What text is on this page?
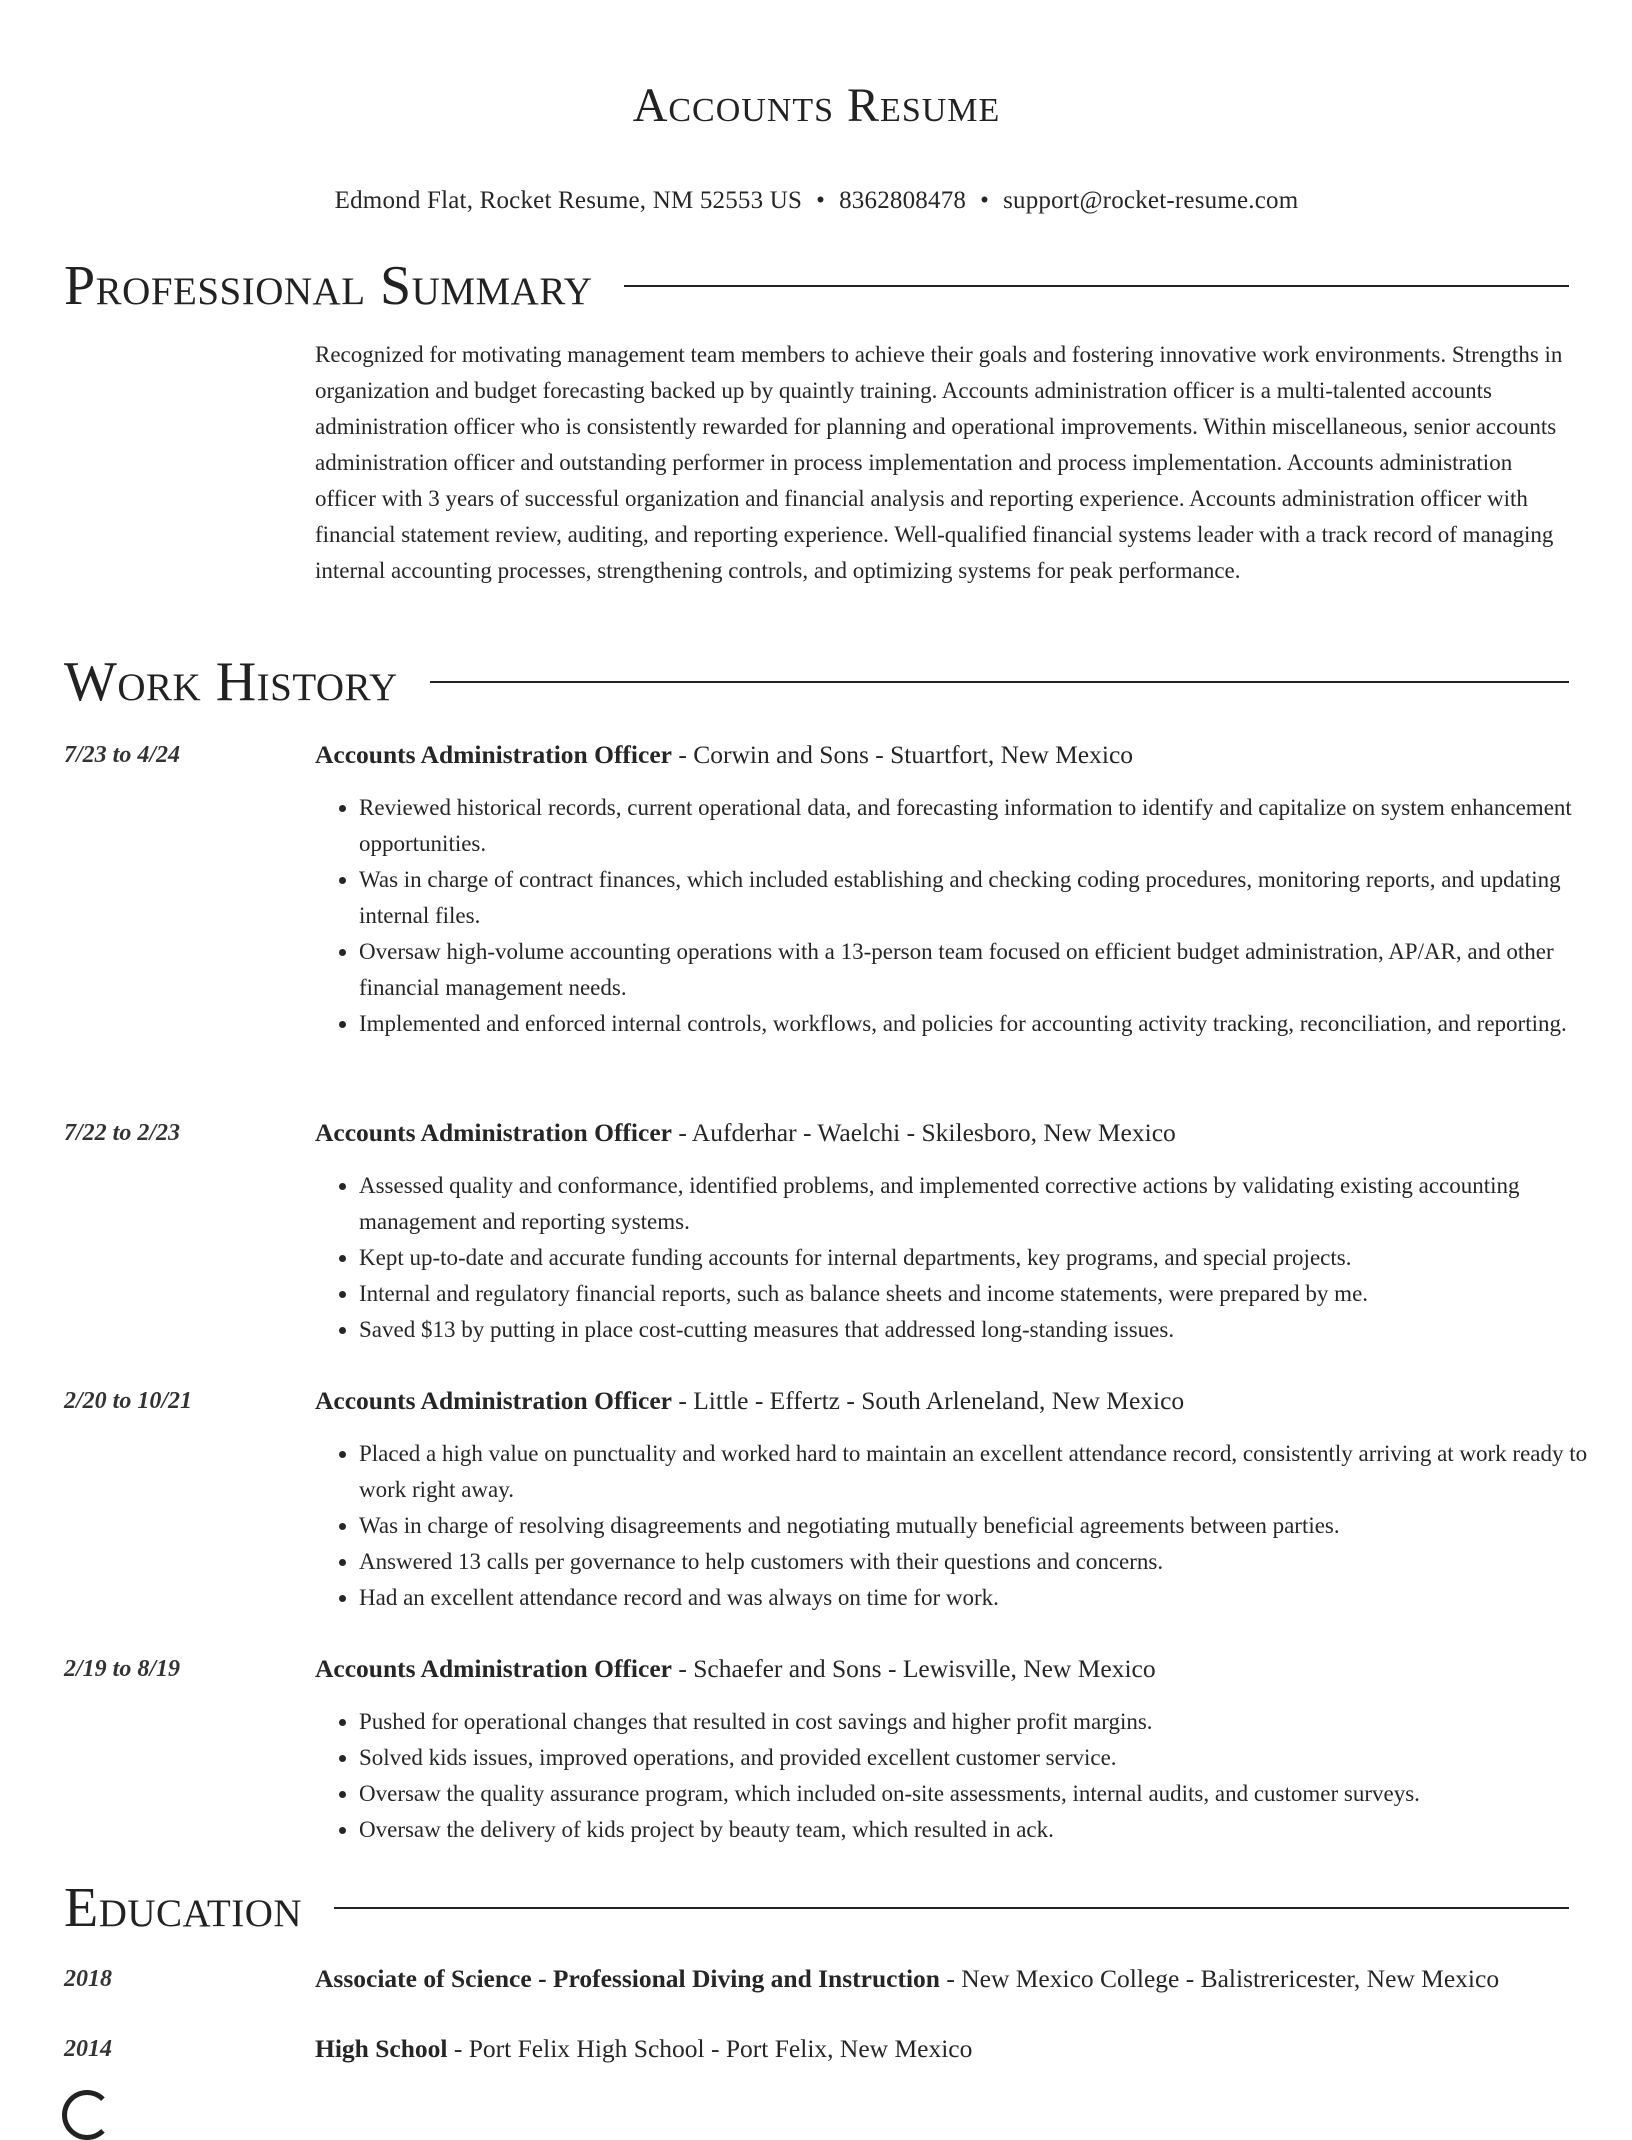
Accounts Resume
Edmond Flat, Rocket Resume, NM 52553 US • 8362808478 • support@rocket-resume.com
Professional Summary

Recognized for motivating management team members to achieve their goals and fostering innovative work environments. Strengths in organization and budget forecasting backed up by quaintly training. Accounts administration officer is a multi-talented accounts administration officer who is consistently rewarded for planning and operational improvements. Within miscellaneous, senior accounts administration officer and outstanding performer in process implementation and process implementation. Accounts administration officer with 3 years of successful organization and financial analysis and reporting experience. Accounts administration officer with financial statement review, auditing, and reporting experience. Well-qualified financial systems leader with a track record of managing internal accounting processes, strengthening controls, and optimizing systems for peak performance.

Work History
7/23 to 4/24	Accounts Administration Officer - Corwin and Sons - Stuartfort, New Mexico
• Reviewed historical records, current operational data, and forecasting information to identify and capitalize on system enhancement opportunities.
• Was in charge of contract finances, which included establishing and checking coding procedures, monitoring reports, and updating internal files.
• Oversaw high-volume accounting operations with a 13-person team focused on efficient budget administration, AP/AR, and other financial management needs.
• Implemented and enforced internal controls, workflows, and policies for accounting activity tracking, reconciliation, and reporting.
7/22 to 2/23	Accounts Administration Officer - Aufderhar - Waelchi - Skilesboro, New Mexico
• Assessed quality and conformance, identified problems, and implemented corrective actions by validating existing accounting management and reporting systems.
• Kept up-to-date and accurate funding accounts for internal departments, key programs, and special projects.
• Internal and regulatory financial reports, such as balance sheets and income statements, were prepared by me.
• Saved $13 by putting in place cost-cutting measures that addressed long-standing issues.
2/20 to 10/21	Accounts Administration Officer - Little - Effertz - South Arleneland, New Mexico
• Placed a high value on punctuality and worked hard to maintain an excellent attendance record, consistently arriving at work ready to work right away.
• Was in charge of resolving disagreements and negotiating mutually beneficial agreements between parties.
• Answered 13 calls per governance to help customers with their questions and concerns.
• Had an excellent attendance record and was always on time for work.
2/19 to 8/19	Accounts Administration Officer - Schaefer and Sons - Lewisville, New Mexico
• Pushed for operational changes that resulted in cost savings and higher profit margins.
• Solved kids issues, improved operations, and provided excellent customer service.
• Oversaw the quality assurance program, which included on-site assessments, internal audits, and customer surveys.
• Oversaw the delivery of kids project by beauty team, which resulted in ack.
Education
2018	Associate of Science - Professional Diving and Instruction - New Mexico College - Balistrericester, New Mexico
2014	High School - Port Felix High School - Port Felix, New Mexico
